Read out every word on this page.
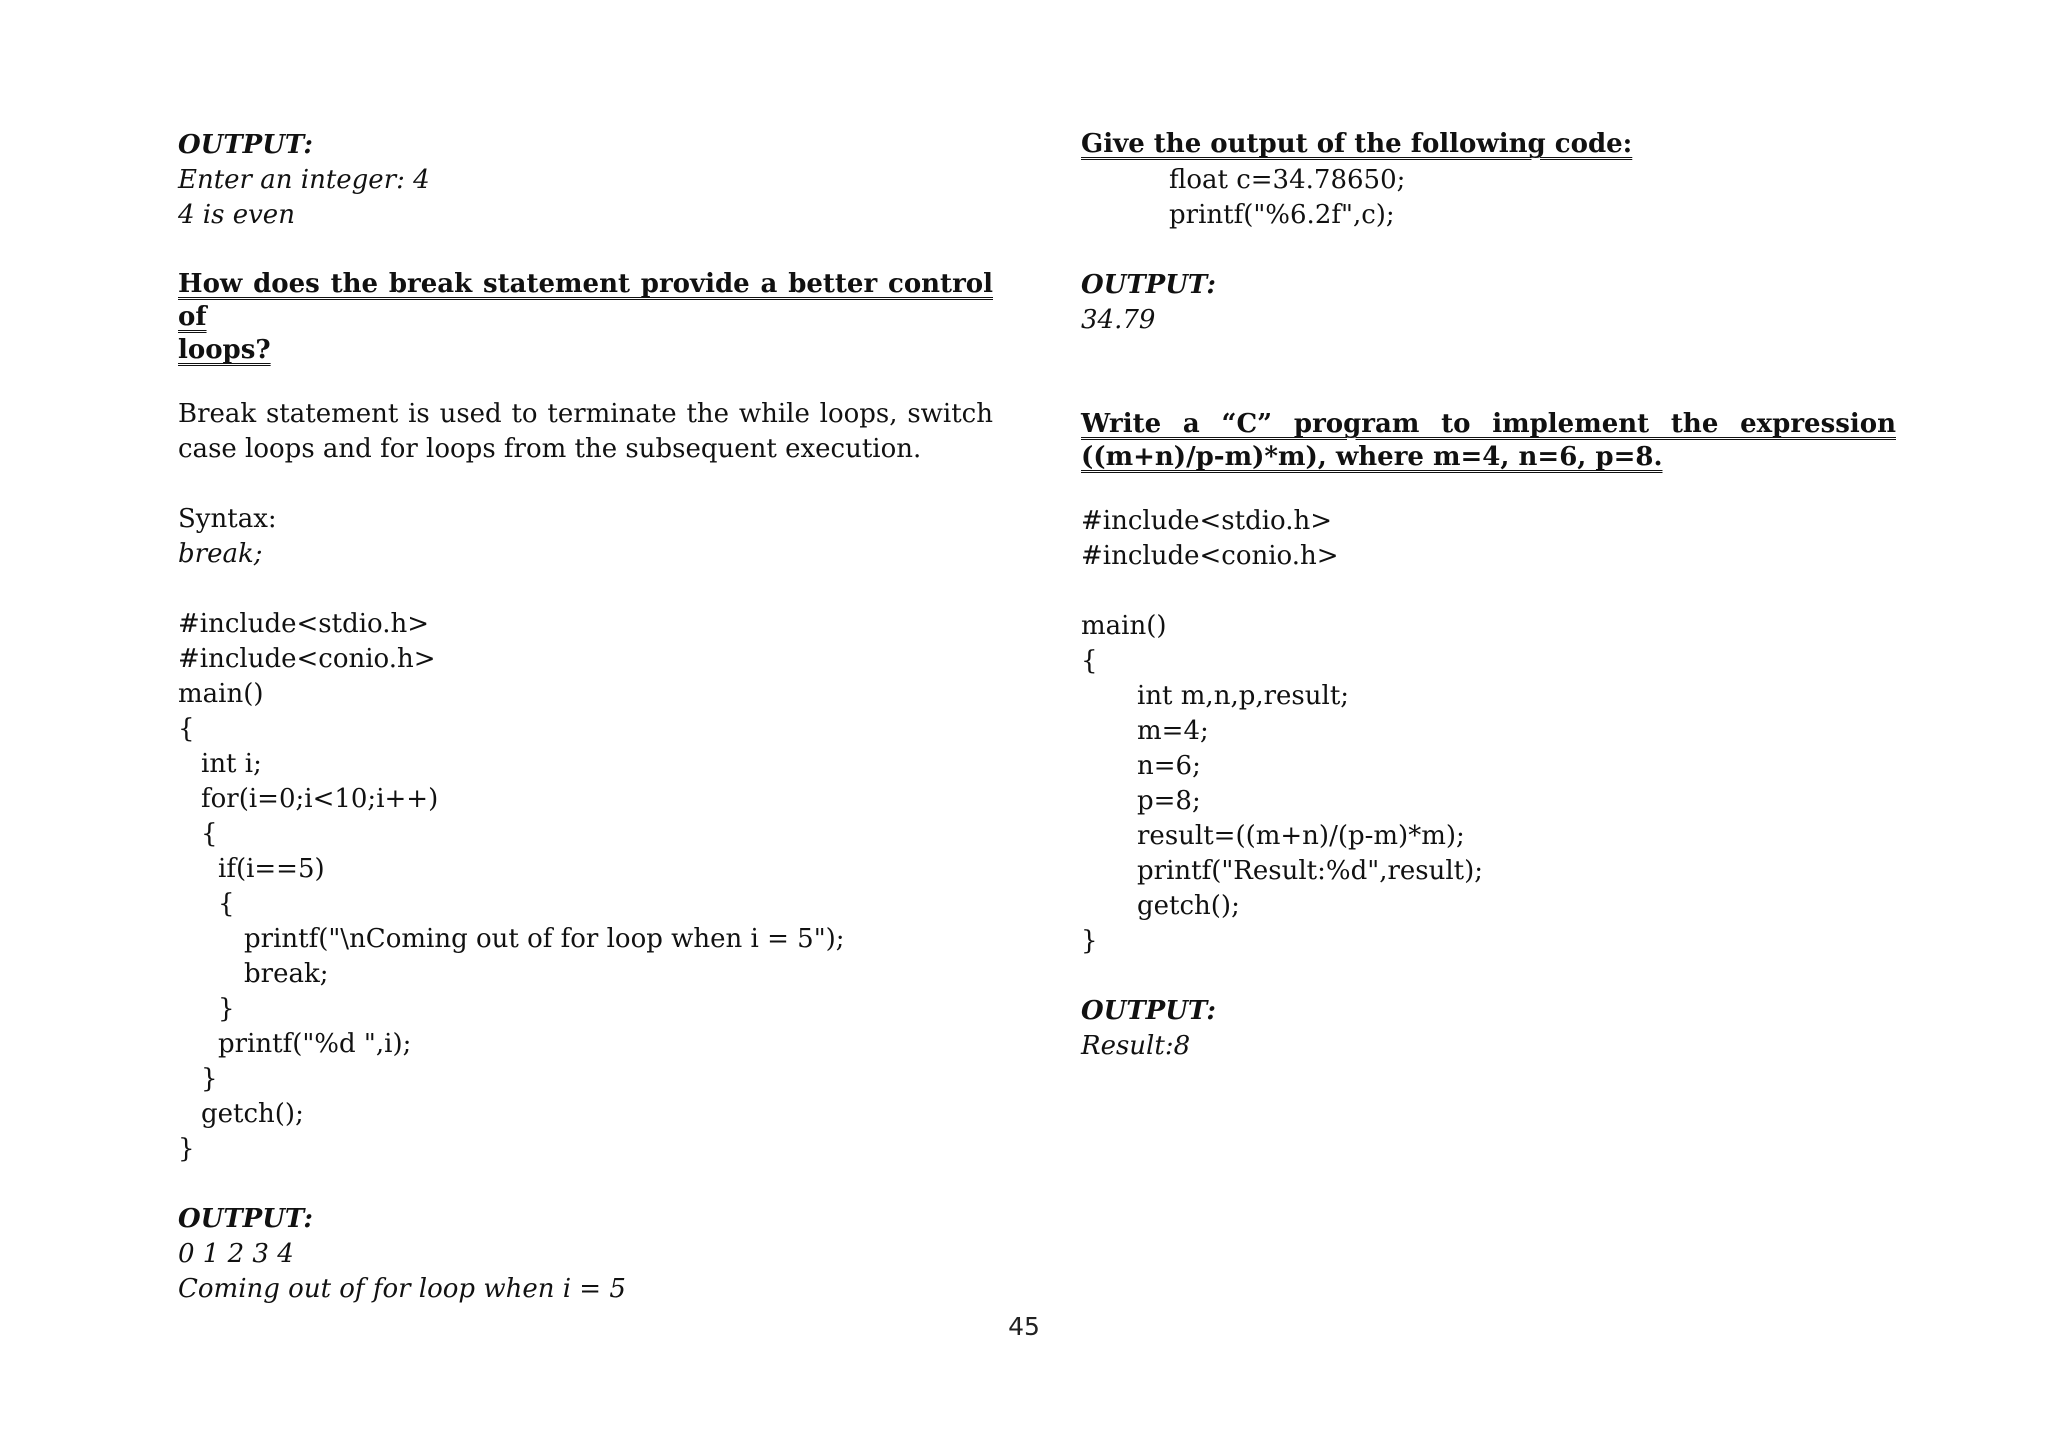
OUTPUT:
Enter an integer: 4
4 is even
How does the break statement provide a better control of
loops?
Break statement is used to terminate the while loops, switch case loops and for loops from the subsequent execution.
Syntax:
break;
#include<stdio.h>
#include<conio.h>
main()
{
int i;
for(i=0;i<10;i++)
{
if(i==5)
{
printf("\nComing out of for loop when i = 5");
break;
}
printf("%d ",i);
}
getch();
}
OUTPUT:
0 1 2 3 4
Coming out of for loop when i = 5
Give the output of the following code:
float c=34.78650;
printf("%6.2f",c);
OUTPUT:
34.79
Write a “C” program to implement the expression
((m+n)/p-m)*m), where m=4, n=6, p=8.
#include<stdio.h>
#include<conio.h>
main()
{
int m,n,p,result;
m=4;
n=6;
p=8;
result=((m+n)/(p-m)*m);
printf("Result:%d",result);
getch();
}
OUTPUT:
Result:8
45
